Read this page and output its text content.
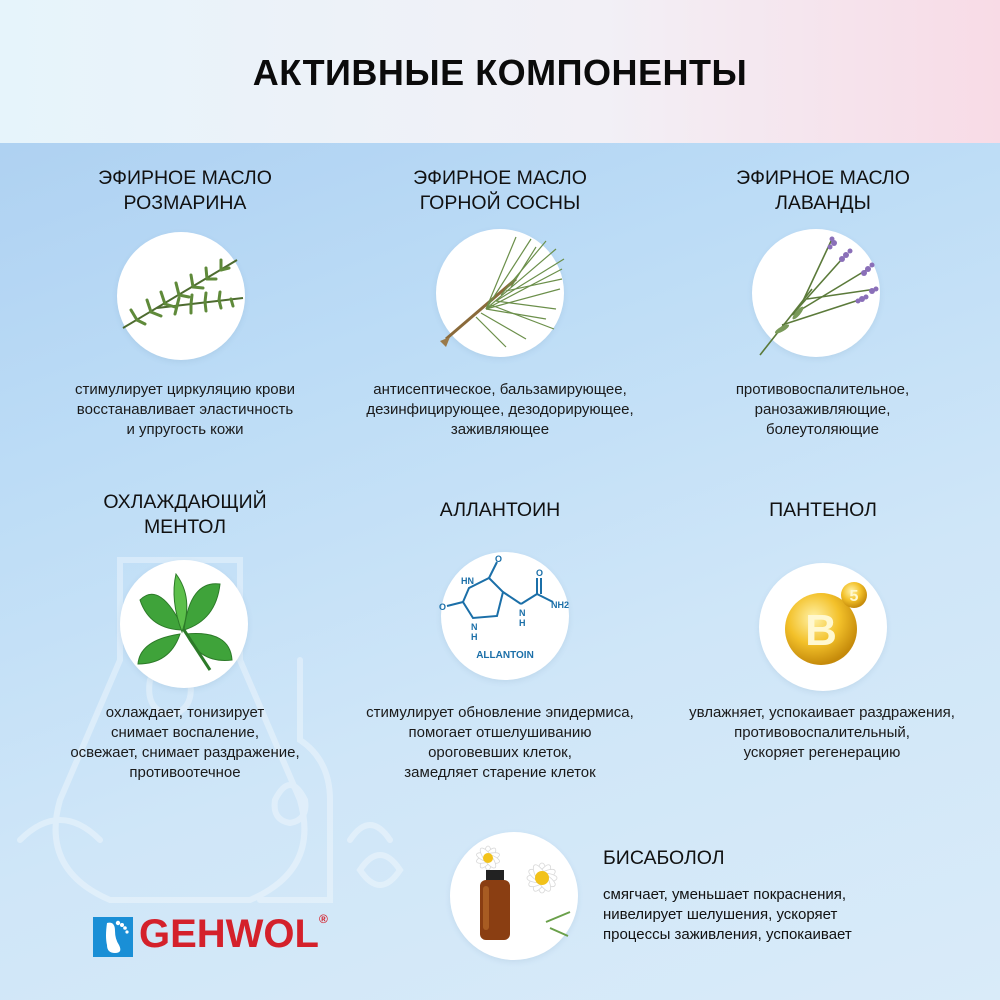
АКТИВНЫЕ КОМПОНЕНТЫ
ЭФИРНОЕ МАСЛО
РОЗМАРИНА
стимулирует циркуляцию крови
восстанавливает эластичность
и упругость кожи
ЭФИРНОЕ МАСЛО
ГОРНОЙ СОСНЫ
антисептическое, бальзамирующее,
дезинфицирующее, дезодорирующее,
заживляющее
ЭФИРНОЕ МАСЛО
ЛАВАНДЫ
противовоспалительное,
ранозаживляющие,
болеутоляющие
ОХЛАЖДАЮЩИЙ
МЕНТОЛ
охлаждает, тонизирует
снимает воспаление,
освежает, снимает раздражение,
противоотечное
АЛЛАНТОИН
HN
O
O
N
H
N
H
O
NH2
ALLANTOIN
стимулирует обновление эпидермиса,
помогает отшелушиванию
ороговевших клеток,
замедляет старение клеток
ПАНТЕНОЛ
B
5
увлажняет, успокаивает раздражения,
противовоспалительный,
ускоряет регенерацию
БИСАБОЛОЛ
смягчает, уменьшает покраснения,
нивелирует шелушения, ускоряет
процессы заживления, успокаивает
GEHWOL®
